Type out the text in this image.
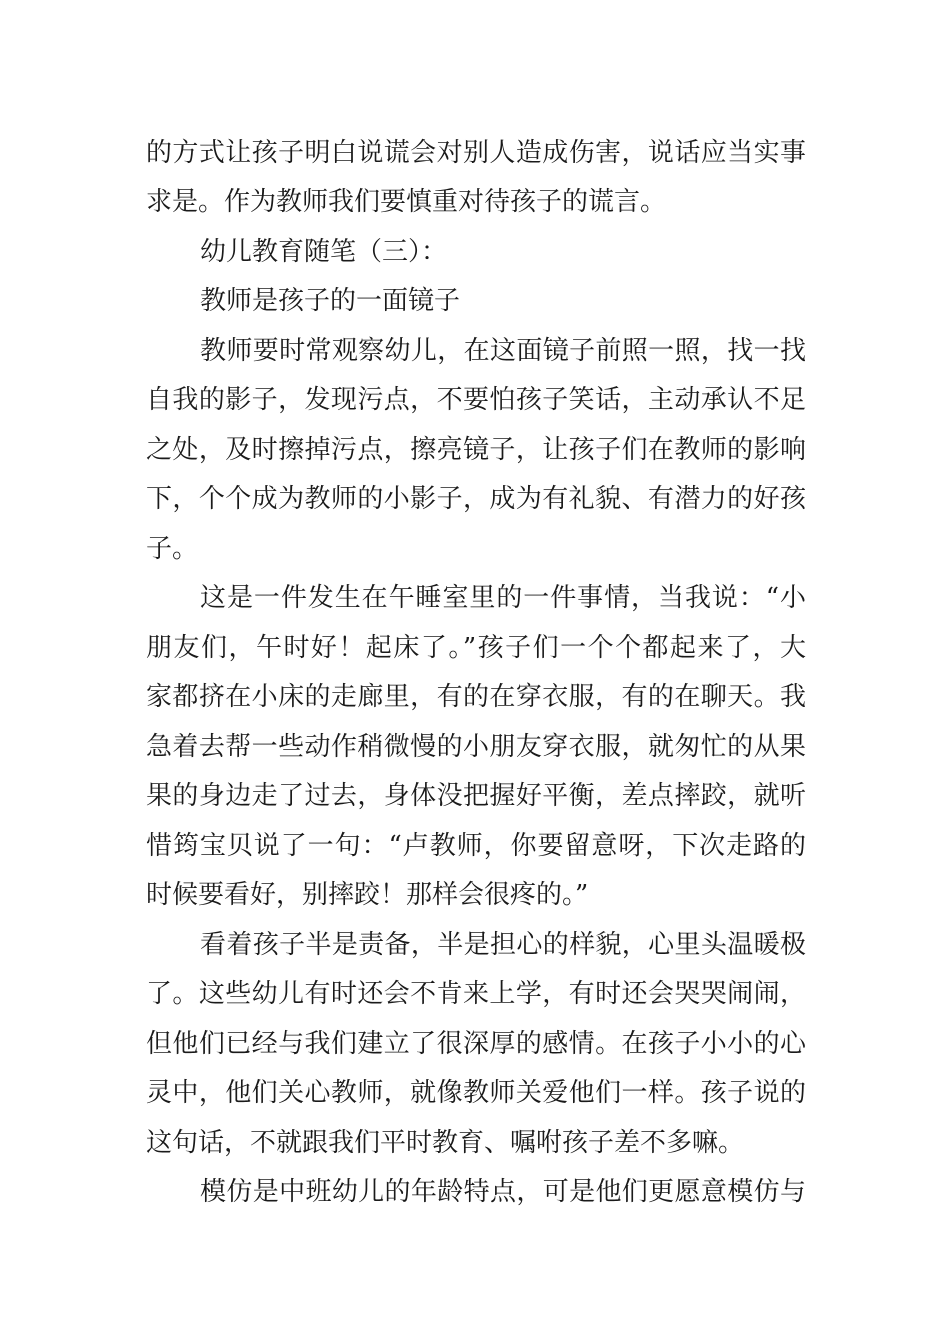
的方式让孩子明白说谎会对别人造成伤害，说话应当实事
求是。作为教师我们要慎重对待孩子的谎言。
幼儿教育随笔（三）：
教师是孩子的一面镜子
教师要时常观察幼儿，在这面镜子前照一照，找一找
自我的影子，发现污点，不要怕孩子笑话，主动承认不足
之处，及时擦掉污点，擦亮镜子，让孩子们在教师的影响
下，个个成为教师的小影子，成为有礼貌、有潜力的好孩
子。
这是一件发生在午睡室里的一件事情，当我说：“小
朋友们，午时好！起床了。”孩子们一个个都起来了，大
家都挤在小床的走廊里，有的在穿衣服，有的在聊天。我
急着去帮一些动作稍微慢的小朋友穿衣服，就匆忙的从果
果的身边走了过去，身体没把握好平衡，差点摔跤，就听
惜筠宝贝说了一句：“卢教师，你要留意呀，下次走路的
时候要看好，别摔跤！那样会很疼的。”
看着孩子半是责备，半是担心的样貌，心里头温暖极
了。这些幼儿有时还会不肯来上学，有时还会哭哭闹闹，
但他们已经与我们建立了很深厚的感情。在孩子小小的心
灵中，他们关心教师，就像教师关爱他们一样。孩子说的
这句话，不就跟我们平时教育、嘱咐孩子差不多嘛。
模仿是中班幼儿的年龄特点，可是他们更愿意模仿与
